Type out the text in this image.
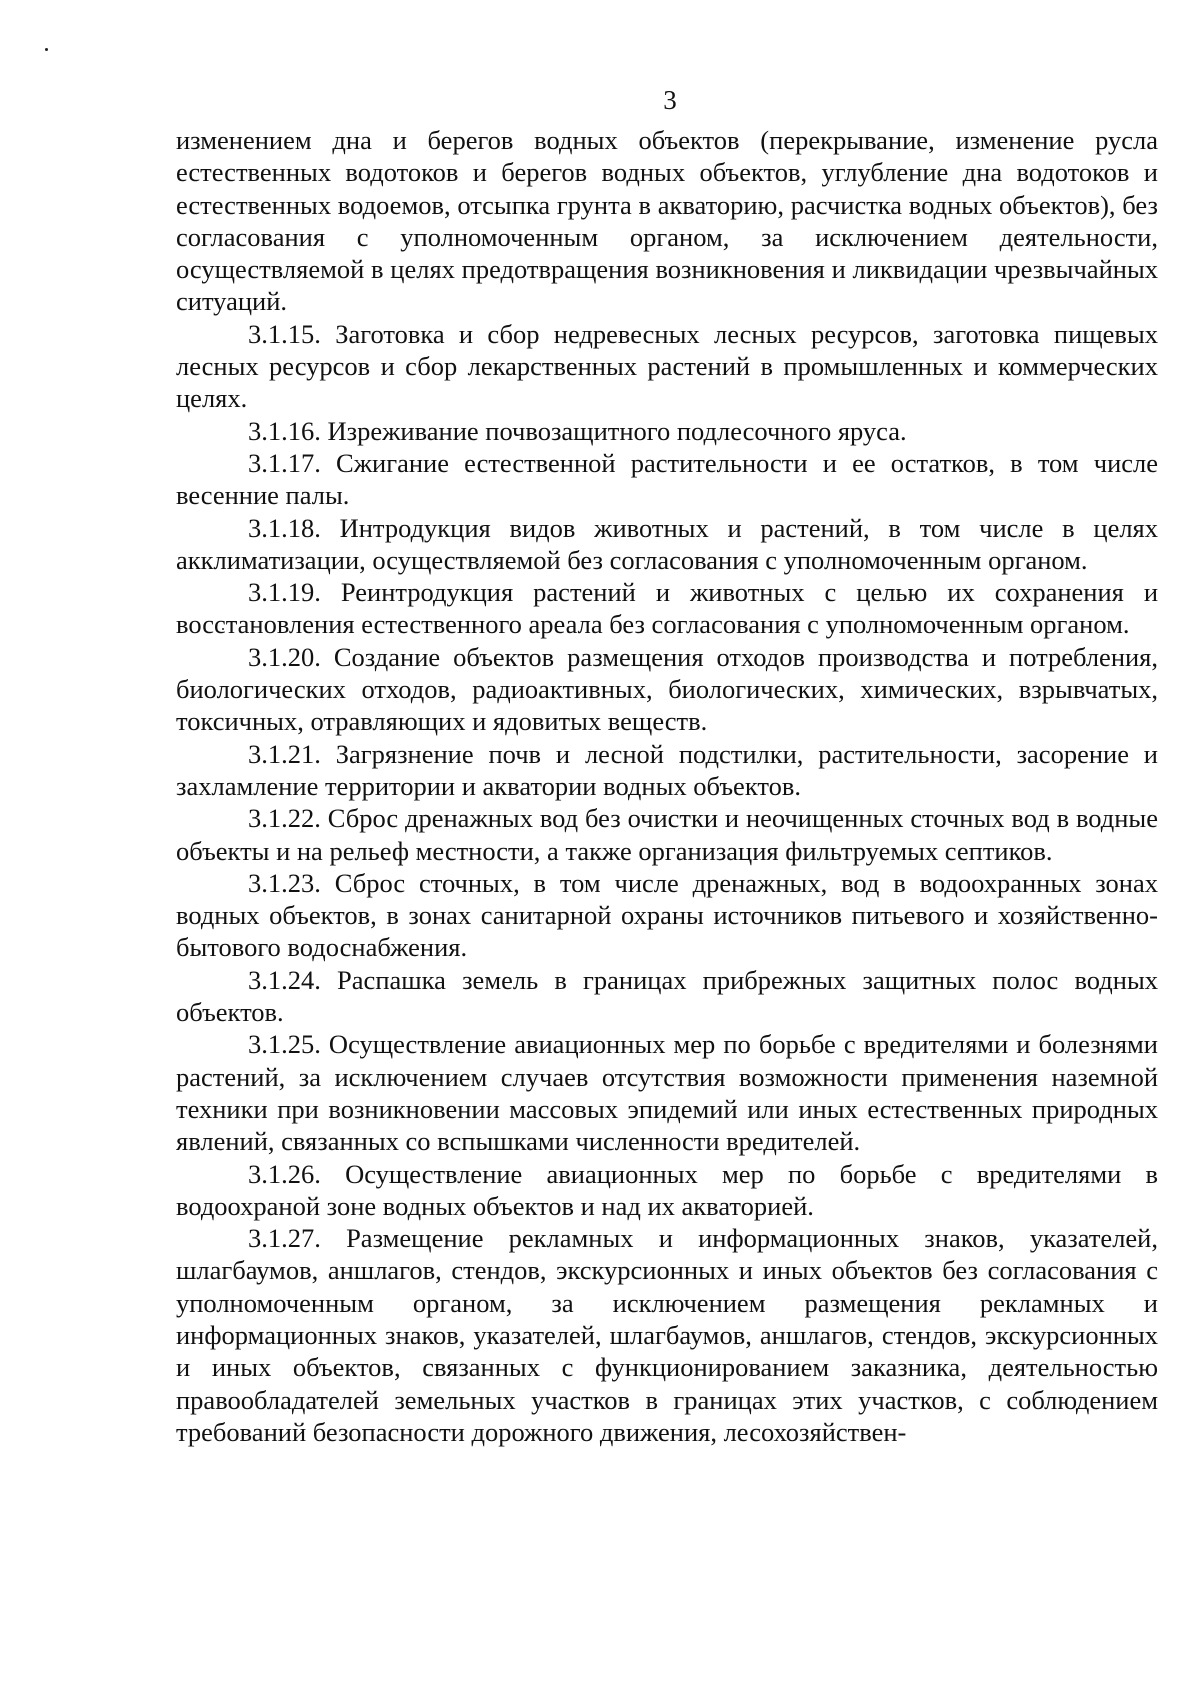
3

изменением дна и берегов водных объектов (перекрывание, изменение русла естественных водотоков и берегов водных объектов, углубление дна водотоков и естественных водоемов, отсыпка грунта в акваторию, расчистка водных объектов), без согласования с уполномоченным органом, за исключением деятельности, осуществляемой в целях предотвращения возникновения и ликвидации чрезвычайных ситуаций.

3.1.15. Заготовка и сбор недревесных лесных ресурсов, заготовка пищевых лесных ресурсов и сбор лекарственных растений в промышленных и коммерческих целях.

3.1.16. Изреживание почвозащитного подлесочного яруса.

3.1.17. Сжигание естественной растительности и ее остатков, в том числе весенние палы.

3.1.18. Интродукция видов животных и растений, в том числе в целях акклиматизации, осуществляемой без согласования с уполномоченным органом.

3.1.19. Реинтродукция растений и животных с целью их сохранения и восстановления естественного ареала без согласования с уполномоченным органом.

3.1.20. Создание объектов размещения отходов производства и потребления, биологических отходов, радиоактивных, биологических, химических, взрывчатых, токсичных, отравляющих и ядовитых веществ.

3.1.21. Загрязнение почв и лесной подстилки, растительности, засорение и захламление территории и акватории водных объектов.

3.1.22. Сброс дренажных вод без очистки и неочищенных сточных вод в водные объекты и на рельеф местности, а также организация фильтруемых септиков.

3.1.23. Сброс сточных, в том числе дренажных, вод в водоохранных зонах водных объектов, в зонах санитарной охраны источников питьевого и хозяйственно-бытового водоснабжения.

3.1.24. Распашка земель в границах прибрежных защитных полос водных объектов.

3.1.25. Осуществление авиационных мер по борьбе с вредителями и болезнями растений, за исключением случаев отсутствия возможности применения наземной техники при возникновении массовых эпидемий или иных естественных природных явлений, связанных со вспышками численности вредителей.

3.1.26. Осуществление авиационных мер по борьбе с вредителями в водоохраной зоне водных объектов и над их акваторией.

3.1.27. Размещение рекламных и информационных знаков, указателей, шлагбаумов, аншлагов, стендов, экскурсионных и иных объектов без согласования с уполномоченным органом, за исключением размещения рекламных и информационных знаков, указателей, шлагбаумов, аншлагов, стендов, экскурсионных и иных объектов, связанных с функционированием заказника, деятельностью правообладателей земельных участков в границах этих участков, с соблюдением требований безопасности дорожного движения, лесохозяйствен-
